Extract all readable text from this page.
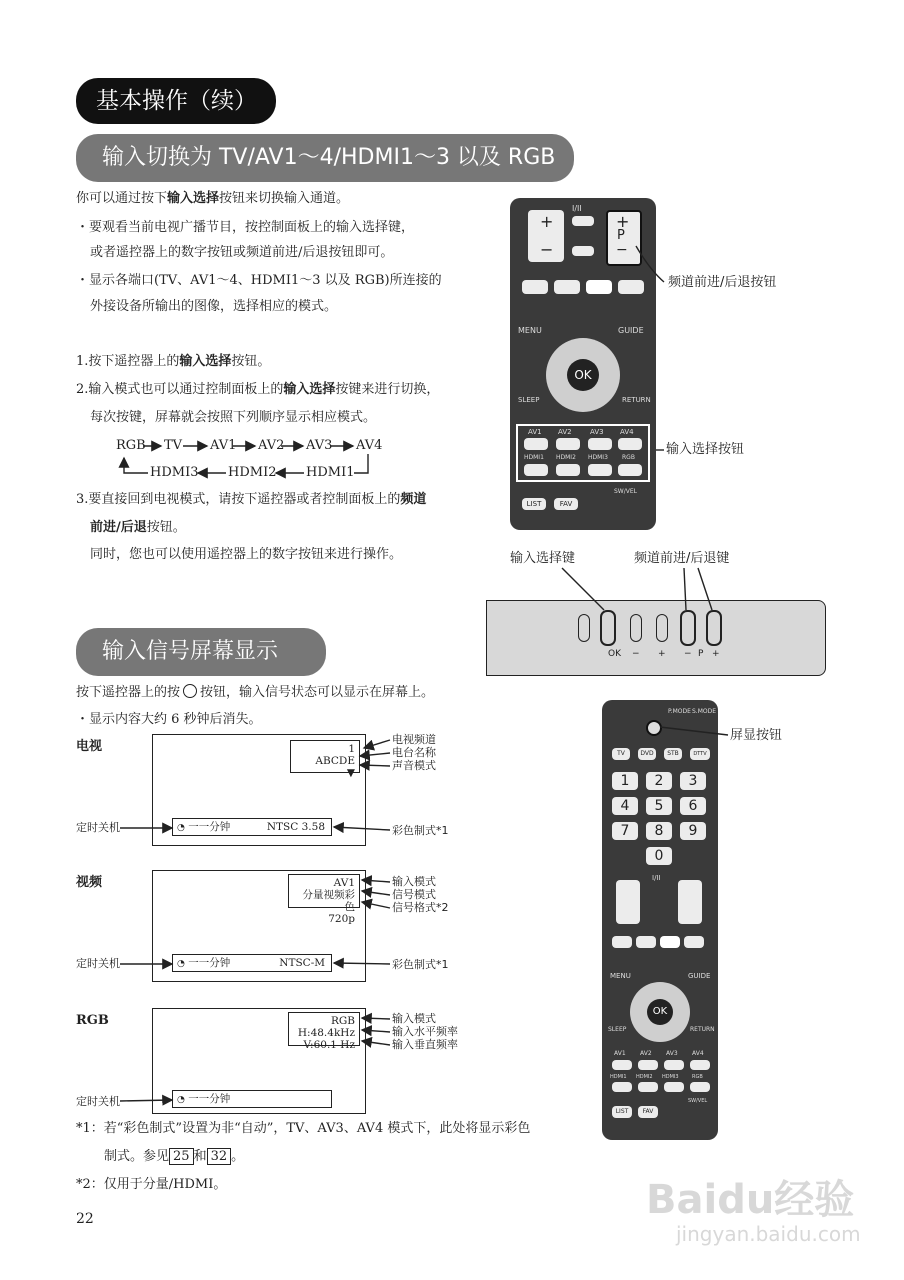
基本操作（续）
输入切换为 TV/AV1～4/HDMI1～3 以及 RGB
输入信号屏幕显示
你可以通过按下输入选择按钮来切换输入通道。
・要观看当前电视广播节目，按控制面板上的输入选择键，
或者遥控器上的数字按钮或频道前进/后退按钮即可。
・显示各端口(TV、AV1～4、HDMI1～3 以及 RGB)所连接的
外接设备所输出的图像，选择相应的模式。
1.按下遥控器上的输入选择按钮。
2.输入模式也可以通过控制面板上的输入选择按键来进行切换，
每次按键，屏幕就会按照下列顺序显示相应模式。
RGB TV AV1 AV2 AV3 AV4
HDMI3 HDMI2 HDMI1
3.要直接回到电视模式，请按下遥控器或者控制面板上的频道
前进/后退按钮。
同时，您也可以使用遥控器上的数字按钮来进行操作。
按下遥控器上的按 按钮，输入信号状态可以显示在屏幕上。
・显示内容大约 6 秒钟后消失。
电视	1
ABCDE
▼
◔ 一一分钟	NTSC 3.58
电视频道
电台名称
声音模式
彩色制式*1
定时关机
视频	AV1
分量视频彩色
720p
◔ 一一分钟	NTSC-M
输入模式
信号模式
信号格式*2
彩色制式*1
定时关机
RGB	RGB
H:48.4kHz
V:60.1 Hz
◔ 一一分钟
输入模式
输入水平频率
输入垂直频率
定时关机
*1：若“彩色制式”设置为非“自动”，TV、AV3、AV4 模式下，此处将显示彩色
制式。参见 25 和 32 。
*2：仅用于分量/HDMI。
22
+
−
I/II
+
P
−
MENU	GUIDE
OK
SLEEP	RETURN
AV1 AV2	AV3 AV4
HDMI1 HDMI2 HDMI3 RGB
SW/VEL
LIST	FAV
频道前进/后退按钮
输入选择按钮
输入选择键	频道前进/后退键
OK − + − P +
P.MODE S.MODE
TV	DVD	STB	DTTV
1	2	3
4	5	6
7	8	9
0
I/II
MENU	GUIDE
OK
SLEEP	RETURN
AV1 AV2 AV3 AV4
HDMI1 HDMI2 HDMI3	RGB
SW/VEL
LIST	FAV
屏显按钮
Baidu经验
jingyan.baidu.com
